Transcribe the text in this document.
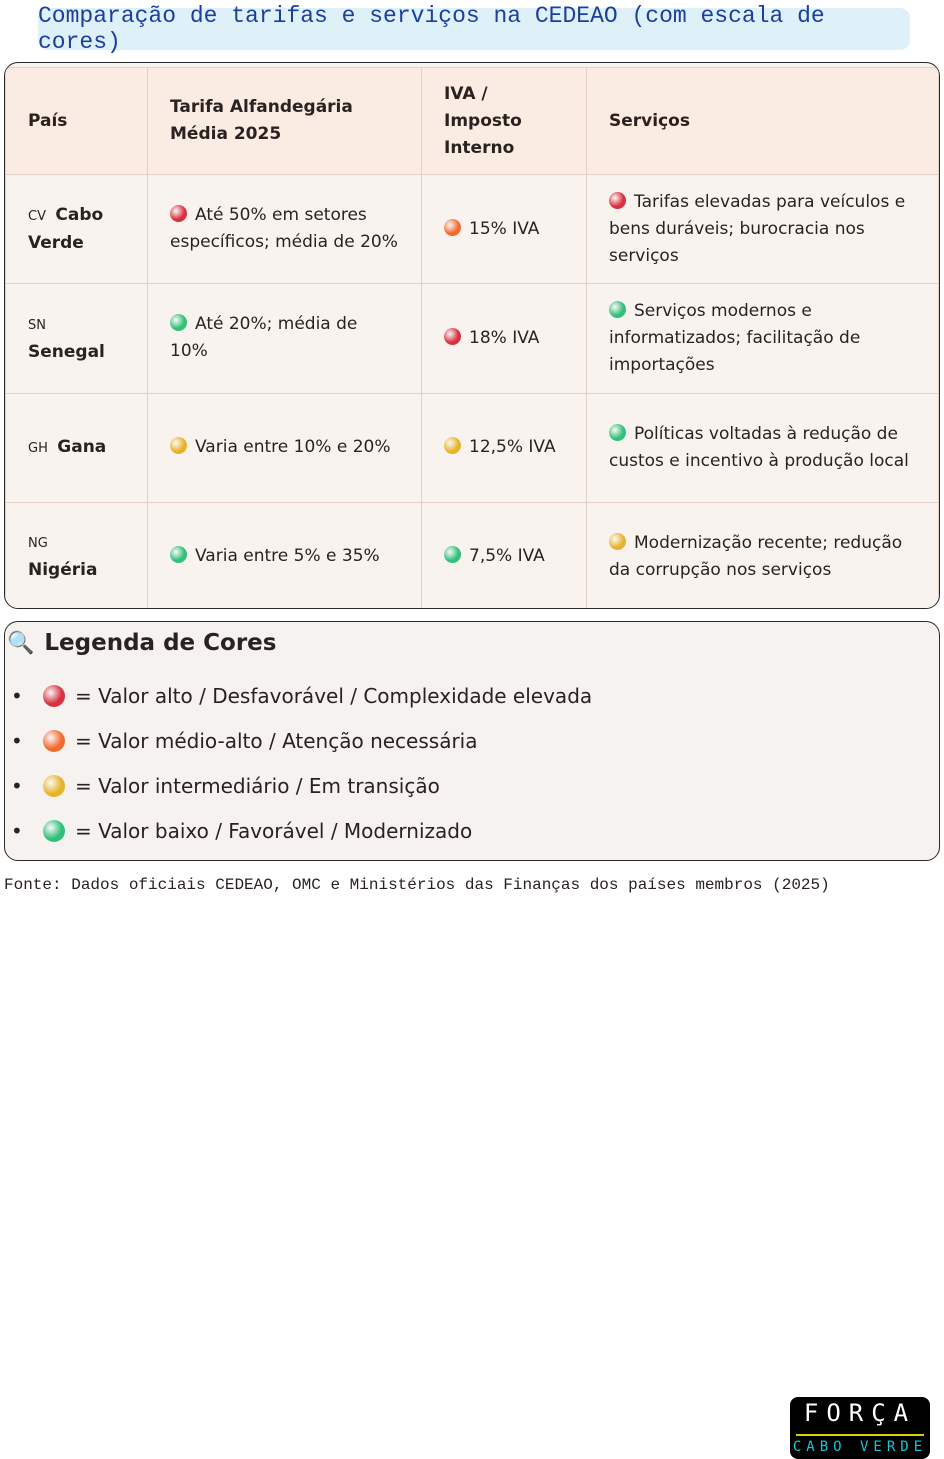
Comparação de tarifas e serviços na CEDEAO (com escala de cores)
País	Tarifa Alfandegária Média 2025	IVA / Imposto Interno	Serviços
CV Cabo Verde	Até 50% em setores específicos; média de 20%	15% IVA	Tarifas elevadas para veículos e bens duráveis; burocracia nos serviços
SN Senegal	Até 20%; média de 10%	18% IVA	Serviços modernos e informatizados; facilitação de importações
GH Gana	Varia entre 10% e 20%	12,5% IVA	Políticas voltadas à redução de custos e incentivo à produção local
NG Nigéria	Varia entre 5% e 35%	7,5% IVA	Modernização recente; redução da corrupção nos serviços
🔍 Legenda de Cores
•	= Valor alto / Desfavorável / Complexidade elevada
•	= Valor médio-alto / Atenção necessária
•	= Valor intermediário / Em transição
•	= Valor baixo / Favorável / Modernizado
FORÇA
CABO VERDE
Fonte: Dados oficiais CEDEAO, OMC e Ministérios das Finanças dos países membros (2025)
